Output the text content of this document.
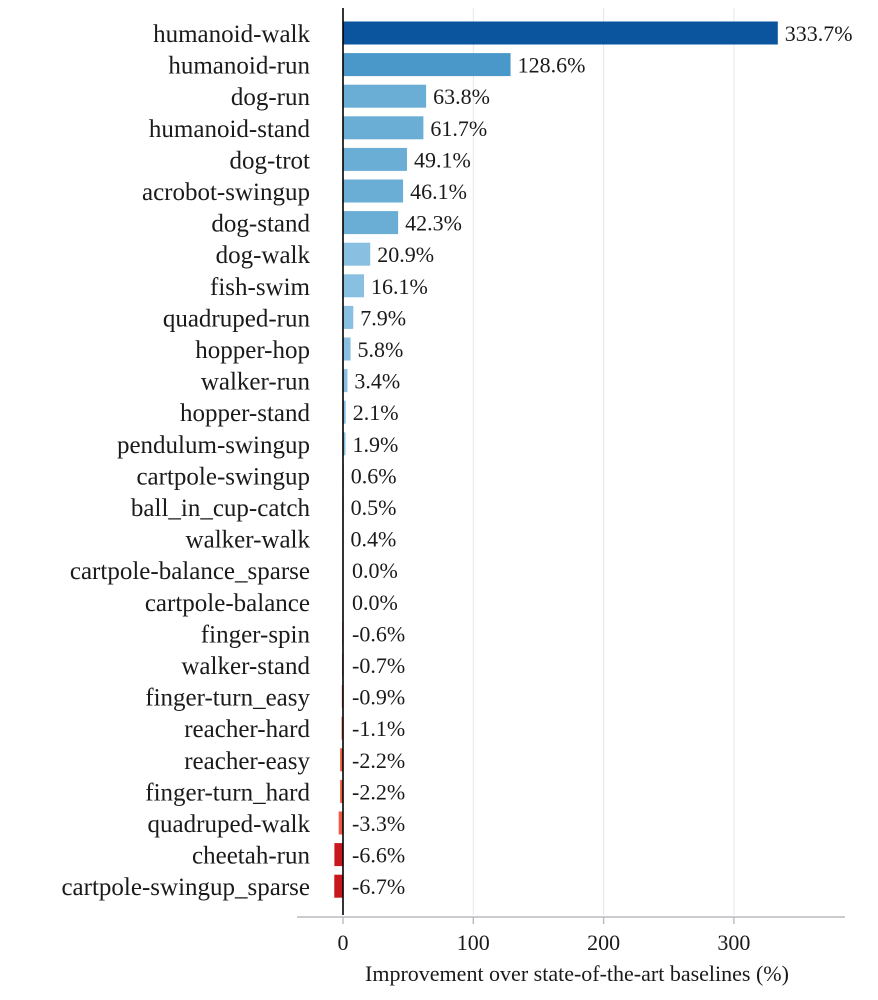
0	100	200	300
humanoid-walk	333.7%
humanoid-run	128.6%
dog-run	63.8%
humanoid-stand	61.7%
dog-trot	49.1%
acrobot-swingup	46.1%
dog-stand	42.3%
dog-walk	20.9%
fish-swim	16.1%
quadruped-run 7.9%
hopper-hop 5.8%
walker-run 3.4%
hopper-stand 2.1%
pendulum-swingup 1.9%
cartpole-swingup 0.6%
ball_in_cup-catch 0.5%
walker-walk 0.4%
cartpole-balance_sparse 0.0%
cartpole-balance 0.0%
finger-spin -0.6%
walker-stand -0.7%
finger-turn_easy -0.9%
reacher-hard -1.1%
reacher-easy -2.2%
finger-turn_hard -2.2%
quadruped-walk -3.3%
cheetah-run -6.6%
cartpole-swingup_sparse -6.7%
Improvement over state-of-the-art baselines (%)
